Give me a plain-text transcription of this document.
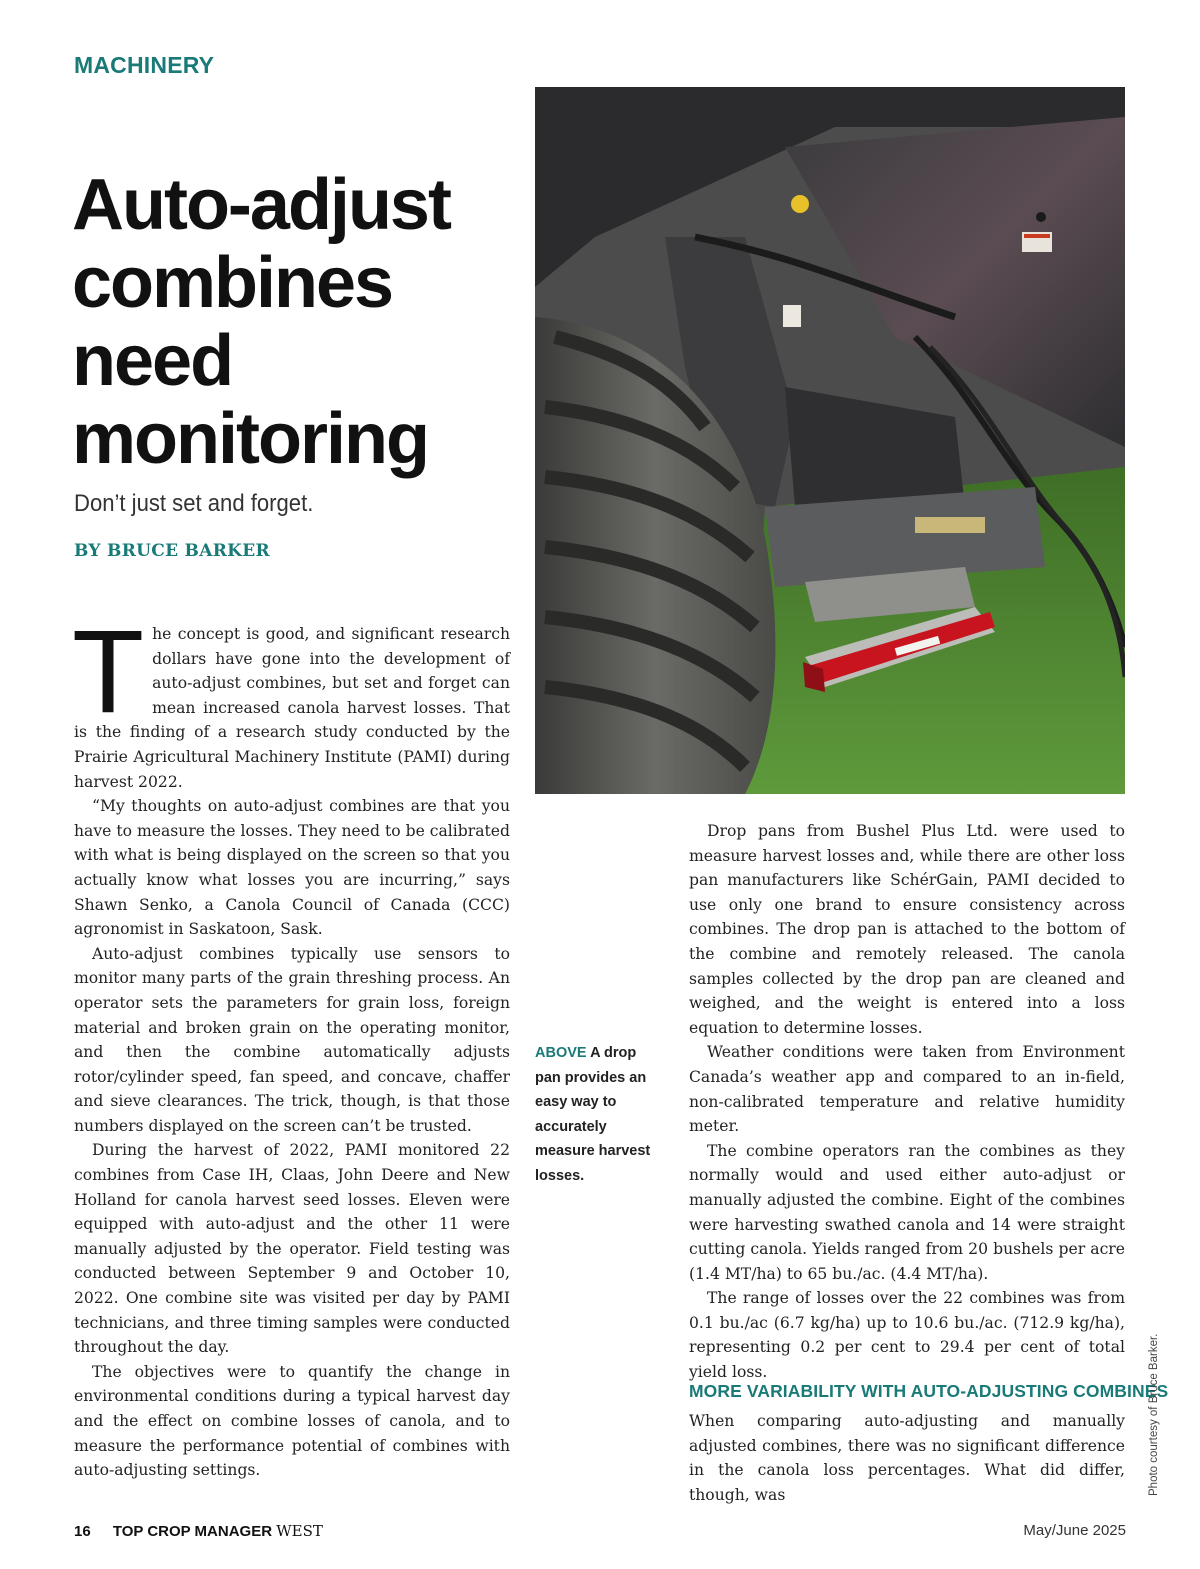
MACHINERY
Auto-adjust combines need monitoring
Don’t just set and forget.
BY BRUCE BARKER

The concept is good, and significant research dollars have gone into the development of auto-adjust combines, but set and forget can mean increased canola harvest losses. That is the finding of a research study conducted by the Prairie Agricultural Machinery Institute (PAMI) during harvest 2022.

“My thoughts on auto-adjust combines are that you have to measure the losses. They need to be calibrated with what is being displayed on the screen so that you actually know what losses you are incurring,” says Shawn Senko, a Canola Council of Canada (CCC) agronomist in Saskatoon, Sask.

Auto-adjust combines typically use sensors to monitor many parts of the grain threshing process. An operator sets the parameters for grain loss, foreign material and broken grain on the operating monitor, and then the combine automatically adjusts rotor/cylinder speed, fan speed, and concave, chaffer and sieve clearances. The trick, though, is that those numbers displayed on the screen can’t be trusted.

During the harvest of 2022, PAMI monitored 22 combines from Case IH, Claas, John Deere and New Holland for canola harvest seed losses. Eleven were equipped with auto-adjust and the other 11 were manually adjusted by the operator. Field testing was conducted between September 9 and October 10, 2022. One combine site was visited per day by PAMI technicians, and three timing samples were conducted throughout the day.

The objectives were to quantify the change in environmental conditions during a typical harvest day and the effect on combine losses of canola, and to measure the performance potential of combines with auto-adjusting settings.

ABOVE A drop pan provides an easy way to accurately measure harvest losses.

Drop pans from Bushel Plus Ltd. were used to measure harvest losses and, while there are other loss pan manufacturers like SchérGain, PAMI decided to use only one brand to ensure consistency across combines. The drop pan is attached to the bottom of the combine and remotely released. The canola samples collected by the drop pan are cleaned and weighed, and the weight is entered into a loss equation to determine losses.

Weather conditions were taken from Environment Canada’s weather app and compared to an in-field, non-calibrated temperature and relative humidity meter.

The combine operators ran the combines as they normally would and used either auto-adjust or manually adjusted the combine. Eight of the combines were harvesting swathed canola and 14 were straight cutting canola. Yields ranged from 20 bushels per acre (1.4 MT/ha) to 65 bu./ac. (4.4 MT/ha).

The range of losses over the 22 combines was from 0.1 bu./ac (6.7 kg/ha) up to 10.6 bu./ac. (712.9 kg/ha), representing 0.2 per cent to 29.4 per cent of total yield loss.

MORE VARIABILITY WITH AUTO-ADJUSTING COMBINES

When comparing auto-adjusting and manually adjusted combines, there was no significant difference in the canola loss percentages. What did differ, though, was	Photo courtesy of Bruce Barker.
16 TOP CROP MANAGER WEST	May/June 2025
